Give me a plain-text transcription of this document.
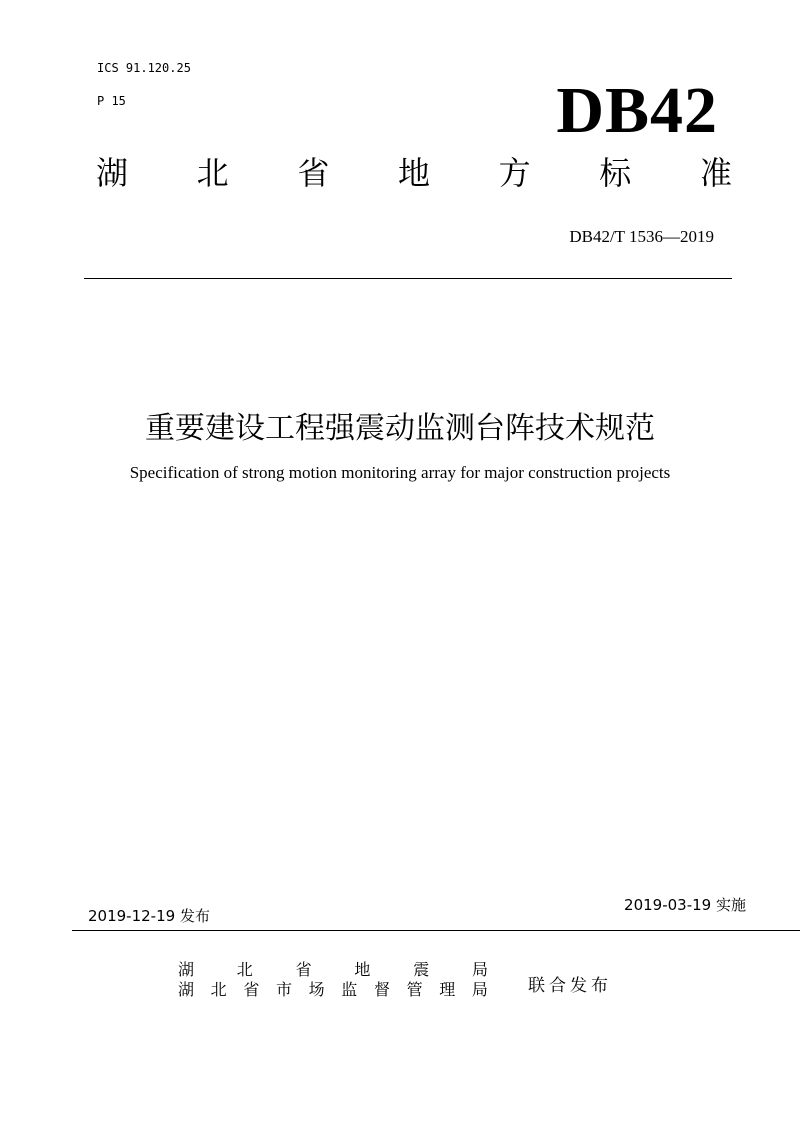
ICS 91.120.25
P 15	DB42
湖 北 省 地 方 标 准
DB42/T 1536—2019
重要建设工程强震动监测台阵技术规范
Specification of strong motion monitoring array for major construction projects
2019-12-19 发布
2019-03-19 实施
湖	北	省	地	震	局
湖 北 省 市 场 监 督 管 理 局 联合发布
